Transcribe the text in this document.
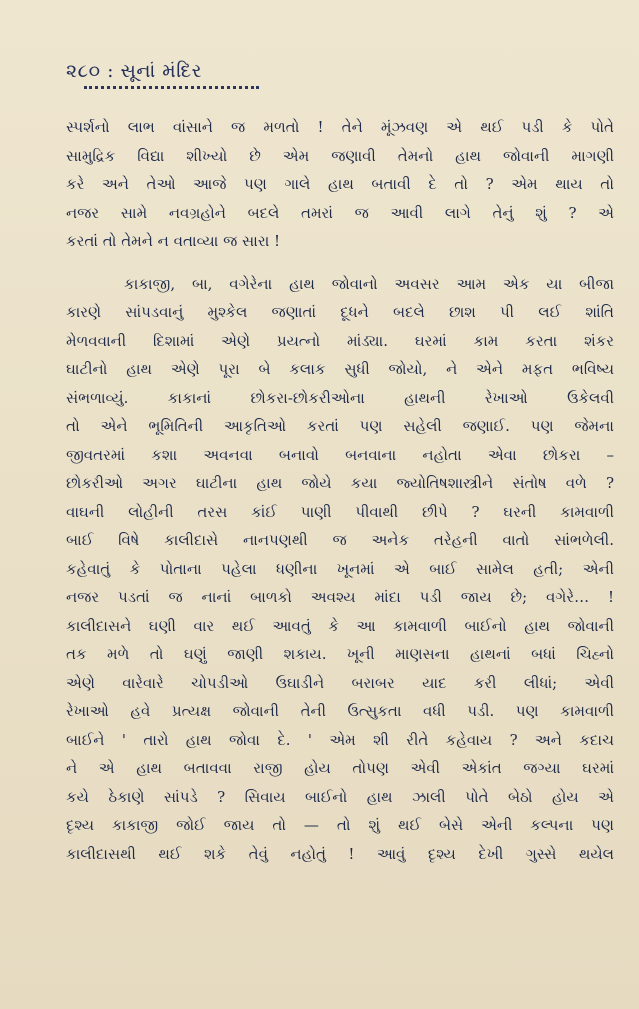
૨૮૦ : સૂનાં મંદિર
સ્પર્શનો લાભ વાંસાને જ મળતો ! તેને મૂંઝવણ એ થઈ પડી કે પોતે
સામુદ્રિક વિદ્યા શીખ્યો છે એમ જણાવી તેમનો હાથ જોવાની માગણી
કરે અને તેઓ આજે પણ ગાલે હાથ બતાવી દે તો ? એમ થાય તો
નજર સામે નવગ્રહોને બદલે તમરાં જ આવી લાગે તેનું શું ? એ
કરતાં તો તેમને ન વતાવ્યા જ સારા !
કાકાજી, બા, વગેરેના હાથ જોવાનો અવસર આમ એક યા બીજા
કારણે સાંપડવાનું મુશ્કેલ જણાતાં દૂધને બદલે છાશ પી લઈ શાંતિ
મેળવવાની દિશામાં એણે પ્રયત્નો માંડ્યા. ઘરમાં કામ કરતા શંકર
ઘાટીનો હાથ એણે પૂરા બે કલાક સુધી જોયો, ને એને મફત ભવિષ્ય
સંભળાવ્યું. કાકાનાં છોકરા-છોકરીઓના હાથની રેખાઓ ઉકેલવી
તો એને ભૂમિતિની આકૃતિઓ કરતાં પણ સહેલી જણાઈ. પણ જેમના
જીવતરમાં કશા અવનવા બનાવો બનવાના નહોતા એવા છોકરા –
છોકરીઓ અગર ઘાટીના હાથ જોયે કયા જ્યોતિષશાસ્ત્રીને સંતોષ વળે ?
વાઘની લોહીની તરસ કાંઈ પાણી પીવાથી છીપે ? ઘરની કામવાળી
બાઈ વિષે કાલીદાસે નાનપણથી જ અનેક તરેહની વાતો સાંભળેલી.
કહેવાતું કે પોતાના પહેલા ધણીના ખૂનમાં એ બાઈ સામેલ હતી; એની
નજર પડતાં જ નાનાં બાળકો અવશ્ય માંદા પડી જાય છે; વગેરે… !
કાલીદાસને ઘણી વાર થઈ આવતું કે આ કામવાળી બાઈનો હાથ જોવાની
તક મળે તો ઘણું જાણી શકાય. ખૂની માણસના હાથનાં બધાં ચિહ્નો
એણે વારેવારે ચોપડીઓ ઉઘાડીને બરાબર યાદ કરી લીધાં; એવી
રેખાઓ હવે પ્રત્યક્ષ જોવાની તેની ઉત્સુકતા વધી પડી. પણ કામવાળી
બાઈને ' તારો હાથ જોવા દે. ' એમ શી રીતે કહેવાય ? અને કદાચ
ને એ હાથ બતાવવા રાજી હોય તોપણ એવી એકાંત જગ્યા ઘરમાં
કયે ઠેકાણે સાંપડે ? સિવાય બાઈનો હાથ ઝાલી પોતે બેઠો હોય એ
દૃશ્ય કાકાજી જોઈ જાય તો — તો શું થઈ બેસે એની કલ્પના પણ
કાલીદાસથી થઈ શકે તેવું નહોતું ! આવું દૃશ્ય દેખી ગુસ્સે થયેલ
